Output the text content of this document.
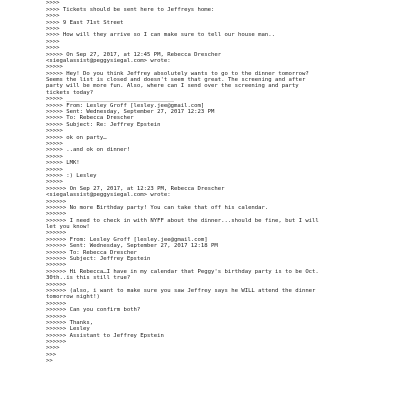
>>>>
>>>> Tickets should be sent here to Jeffreys home:
>>>>
>>>> 9 East 71st Street
>>>>
>>>> How will they arrive so I can make sure to tell our house man..
>>>>
>>>>
>>>>> On Sep 27, 2017, at 12:45 PM, Rebecca Drescher
<siegalassist@peggysiegal.com> wrote:
>>>>>
>>>>> Hey! Do you think Jeffrey absolutely wants to go to the dinner tomorrow?
Seems the list is closed and doesn't seem that great. The screening and after
party will be more fun. Also, where can I send over the screening and party
tickets today?
>>>>> ________________________________
>>>>> From: Lesley Groff [lesley.jee@gmail.com]
>>>>> Sent: Wednesday, September 27, 2017 12:23 PM
>>>>> To: Rebecca Drescher
>>>>> Subject: Re: Jeffrey Epstein
>>>>>
>>>>> ok on party…
>>>>>
>>>>> ..and ok on dinner!
>>>>>
>>>>> LMK!
>>>>>
>>>>> :) Lesley
>>>>>
>>>>>> On Sep 27, 2017, at 12:23 PM, Rebecca Drescher
<siegalassist@peggysiegal.com> wrote:
>>>>>>
>>>>>> No more Birthday party! You can take that off his calendar.
>>>>>>
>>>>>> I need to check in with NYFF about the dinner...should be fine, but I will
let you know!
>>>>>>
>>>>>> From: Lesley Groff [lesley.jee@gmail.com]
>>>>>> Sent: Wednesday, September 27, 2017 12:18 PM
>>>>>> To: Rebecca Drescher
>>>>>> Subject: Jeffrey Epstein
>>>>>>
>>>>>> Hi Rebecca…I have in my calendar that Peggy's birthday party is to be Oct.
30th..is this still true?
>>>>>>
>>>>>> (also, i want to make sure you saw Jeffrey says he WILL attend the dinner
tomorrow night!)
>>>>>>
>>>>>> Can you confirm both?
>>>>>>
>>>>>> Thanks,
>>>>>> Lesley
>>>>>> Assistant to Jeffrey Epstein
>>>>>>
>>>>
>>>
>>
